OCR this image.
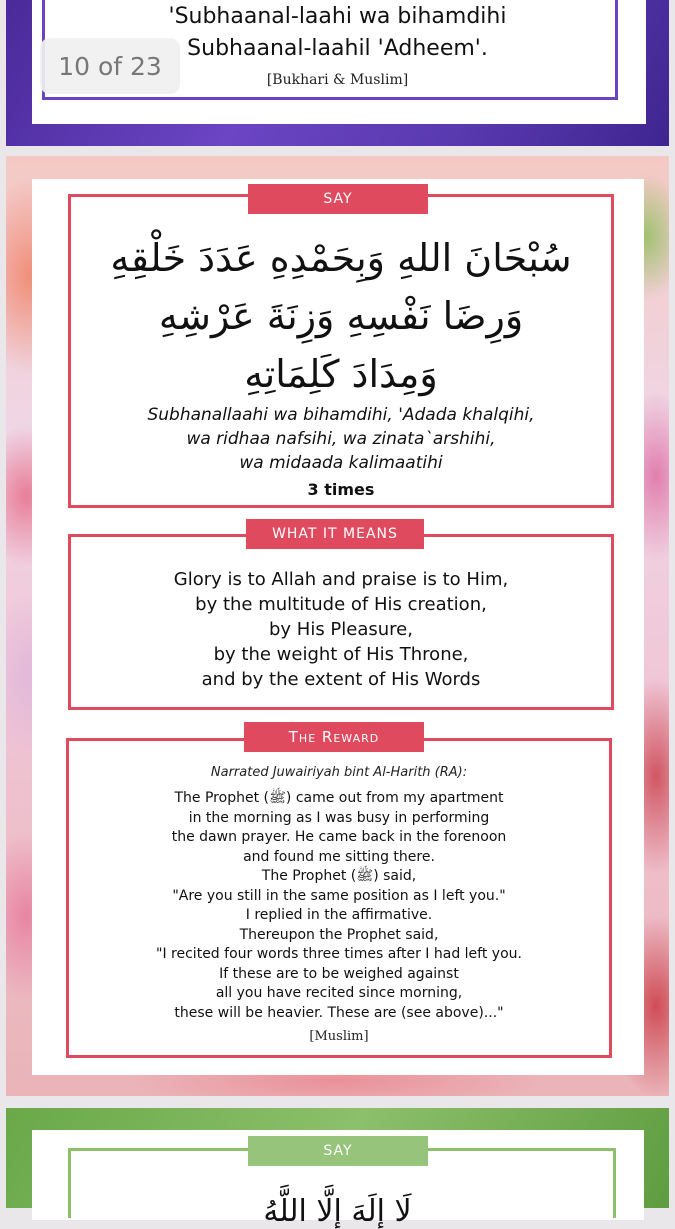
'Subhaanal-laahi wa bihamdihi
Subhaanal-laahil 'Adheem'.
[Bukhari & Muslim]
10 of 23
سُبْحَانَ اللهِ وَبِحَمْدِهِ عَدَدَ خَلْقِهِ
وَرِضَا نَفْسِهِ وَزِنَةَ عَرْشِهِ
وَمِدَادَ كَلِمَاتِهِ
Subhanallaahi wa bihamdihi, 'Adada khalqihi,
wa ridhaa nafsihi, wa zinata`arshihi,
wa midaada kalimaatihi
3 times
SAY
Glory is to Allah and praise is to Him,
by the multitude of His creation,
by His Pleasure,
by the weight of His Throne,
and by the extent of His Words
WHAT IT MEANS
Narrated Juwairiyah bint Al-Harith (RA):
The Prophet (ﷺ) came out from my apartment
in the morning as I was busy in performing
the dawn prayer. He came back in the forenoon
and found me sitting there.
The Prophet (ﷺ) said,
"Are you still in the same position as I left you."
I replied in the affirmative.
Thereupon the Prophet said,
"I recited four words three times after I had left you.
If these are to be weighed against
all you have recited since morning,
these will be heavier. These are (see above)..."
[Muslim]
The Reward
SAY
لَا إِلَهَ إِلَّا اللَّهُ
